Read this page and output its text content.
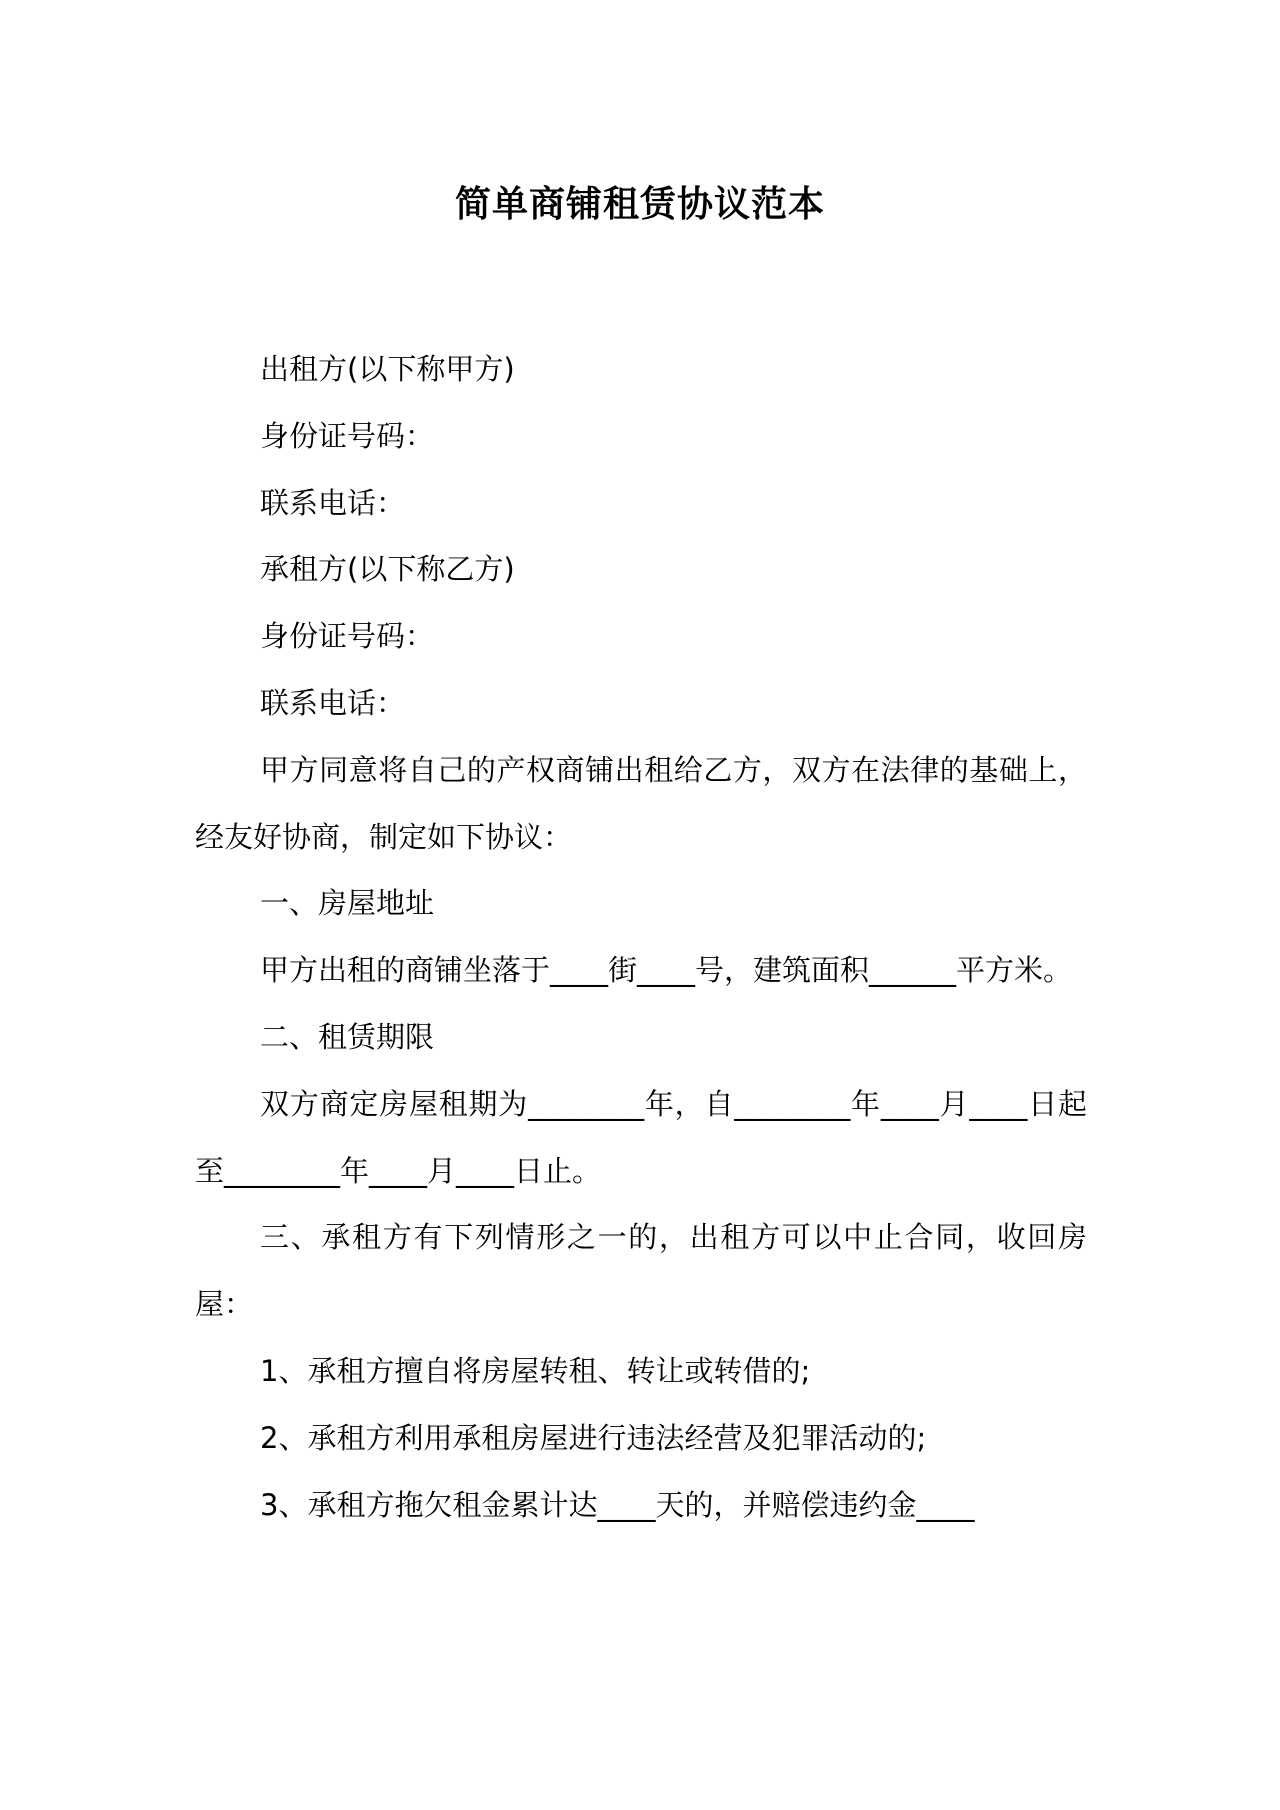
简单商铺租赁协议范本

出租方(以下称甲方)

身份证号码：

联系电话：

承租方(以下称乙方)

身份证号码：

联系电话：

甲方同意将自己的产权商铺出租给乙方，双方在法律的基础上，经友好协商，制定如下协议：

一、房屋地址

甲方出租的商铺坐落于____街____号，建筑面积______平方米。

二、租赁期限

双方商定房屋租期为________年，自________年____月____日起至________年____月____日止。

三、承租方有下列情形之一的，出租方可以中止合同，收回房屋：

1、承租方擅自将房屋转租、转让或转借的;

2、承租方利用承租房屋进行违法经营及犯罪活动的;

3、承租方拖欠租金累计达____天的，并赔偿违约金____
